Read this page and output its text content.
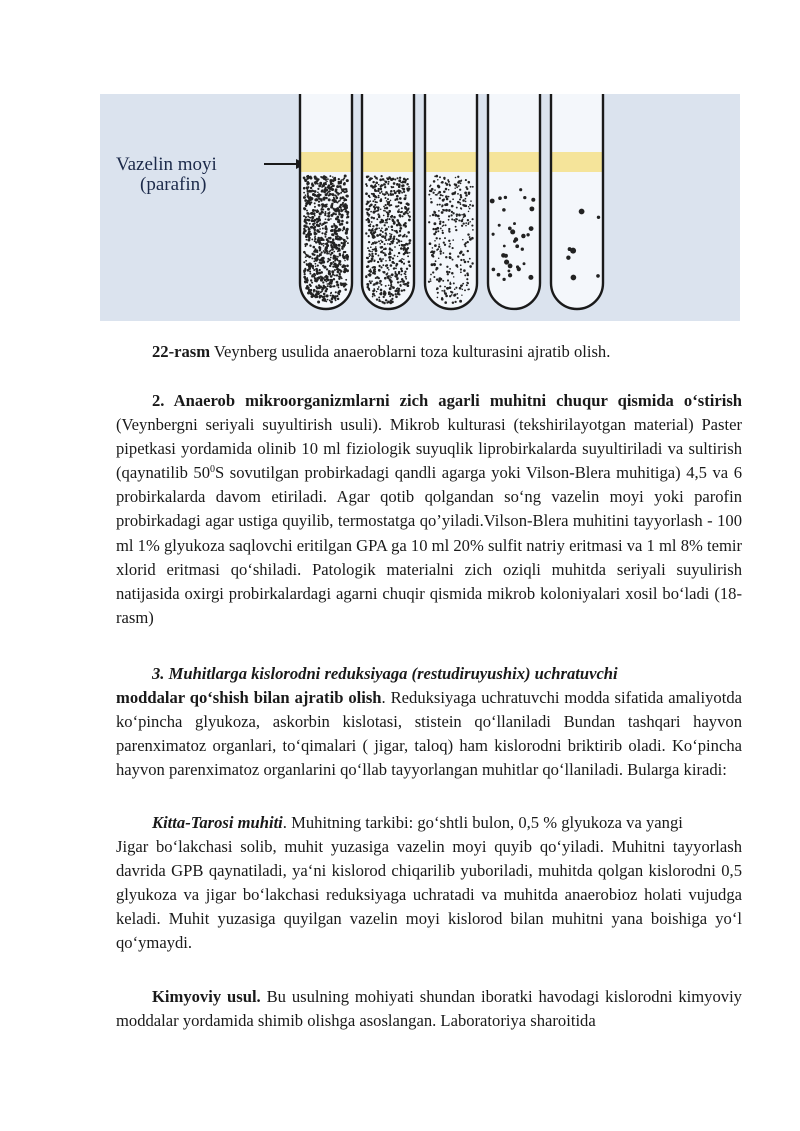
Vazelin moyi
(parafin)
22-rasm Veynberg usulida anaeroblarni toza kulturasini ajratib olish.

2. Anaerob mikroorganizmlarni zich agarli muhitni chuqur qismida o‘stirish (Veynbergni seriyali suyultirish usuli). Mikrob kulturasi (tekshirilayotgan material) Paster pipetkasi yordamida olinib 10 ml fiziologik suyuqlik liprobirkalarda suyultiriladi va sultirish (qaynatilib $50^0S$ sovutilgan probirkadagi qandli agarga yoki Vilson-Blera muhitiga) 4,5 va 6 probirkalarda davom etiriladi. Agar qotib qolgandan so‘ng vazelin moyi yoki parofin probirkadagi agar ustiga quyilib, termostatga qo’yiladi.Vilson-Blera muhitini tayyorlash - 100 ml 1% glyukoza saqlovchi eritilgan GPA ga 10 ml 20% sulfit natriy eritmasi va 1 ml 8% temir xlorid eritmasi qo‘shiladi. Patologik materialni zich oziqli muhitda seriyali suyulirish natijasida oxirgi probirkalardagi agarni chuqir qismida mikrob koloniyalari xosil bo‘ladi (18-rasm)

3. Muhitlarga kislorodni reduksiyaga (restudiruyushix) uchratuvchi

moddalar qo‘shish bilan ajratib olish. Reduksiyaga uchratuvchi modda sifatida amaliyotda ko‘pincha glyukoza, askorbin kislotasi, stistein qo‘llaniladi Bundan tashqari hayvon parenximatoz organlari, to‘qimalari ( jigar, taloq) ham kislorodni briktirib oladi. Ko‘pincha hayvon parenximatoz organlarini qo‘llab tayyorlangan muhitlar qo‘llaniladi. Bularga kiradi:

Kitta-Tarosi muhiti. Muhitning tarkibi: go‘shtli bulon, 0,5 % glyukoza va yangi

Jigar bo‘lakchasi solib, muhit yuzasiga vazelin moyi quyib qo‘yiladi. Muhitni tayyorlash davrida GPB qaynatiladi, ya‘ni kislorod chiqarilib yuboriladi, muhitda qolgan kislorodni 0,5 glyukoza va jigar bo‘lakchasi reduksiyaga uchratadi va muhitda anaerobioz holati vujudga keladi. Muhit yuzasiga quyilgan vazelin moyi kislorod bilan muhitni yana boishiga yo‘l qo‘ymaydi.

Kimyoviy usul. Bu usulning mohiyati shundan iboratki havodagi kislorodni kimyoviy moddalar yordamida shimib olishga asoslangan. Laboratoriya sharoitida
